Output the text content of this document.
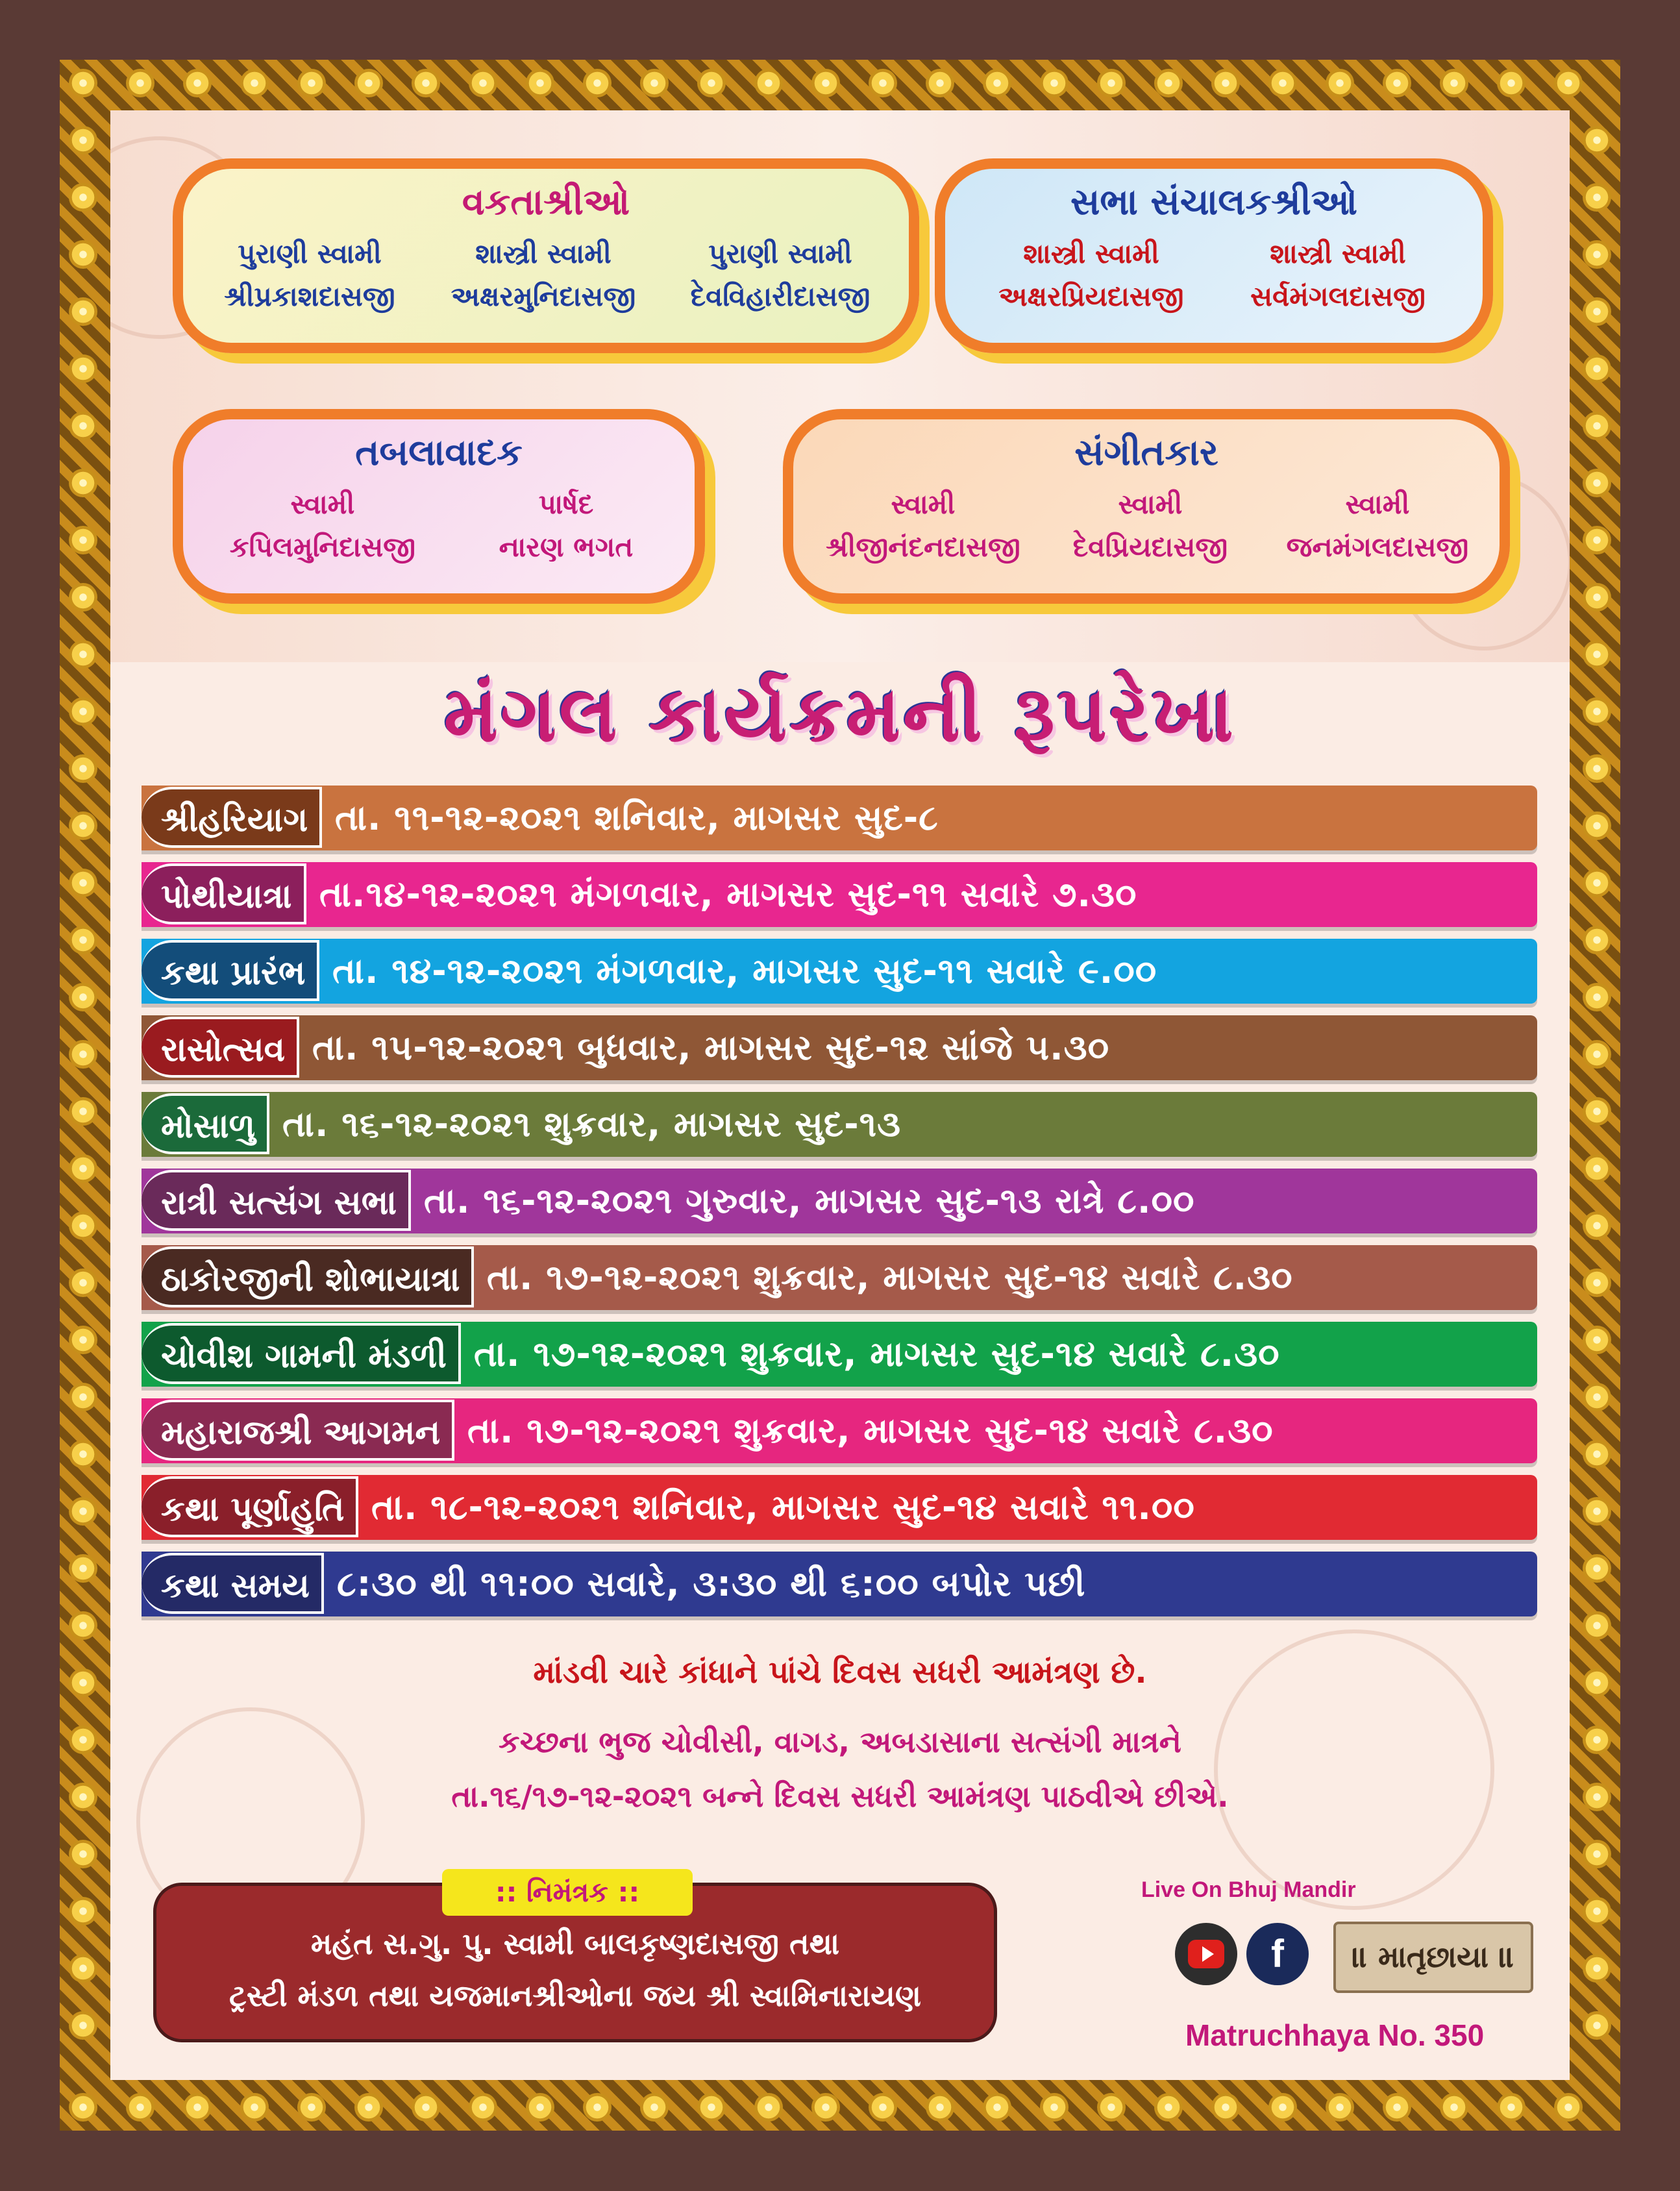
વકતાશ્રીઓ
પુરાણી સ્વામી
શ્રીપ્રકાશદાસજી
શાસ્ત્રી સ્વામી
અક્ષરમુનિદાસજી
પુરાણી સ્વામી
દેવવિહારીદાસજી
સભા સંચાલકશ્રીઓ
શાસ્ત્રી સ્વામી
અક્ષરપ્રિયદાસજી
શાસ્ત્રી સ્વામી
સર્વમંગલદાસજી
તબલાવાદક
સ્વામી
કપિલમુનિદાસજી
પાર્ષદ
નારણ ભગત
સંગીતકાર
સ્વામી
શ્રીજીનંદનદાસજી
સ્વામી
દેવપ્રિયદાસજી
સ્વામી
જનમંગલદાસજી
મંગલ કાર્યક્રમની રૂપરેખા
શ્રીહરિયાગ તા. ૧૧-૧૨-૨૦૨૧ શનિવાર, માગસર સુદ-૮
પોથીયાત્રા તા.૧૪-૧૨-૨૦૨૧ મંગળવાર, માગસર સુદ-૧૧ સવારે ૭.૩૦
કથા પ્રારંભ તા. ૧૪-૧૨-૨૦૨૧ મંગળવાર, માગસર સુદ-૧૧ સવારે ૯.૦૦
રાસોત્સવ તા. ૧૫-૧૨-૨૦૨૧ બુધવાર, માગસર સુદ-૧૨ સાંજે ૫.૩૦
મોસાળુ તા. ૧૬-૧૨-૨૦૨૧ શુક્રવાર, માગસર સુદ-૧૩
રાત્રી સત્સંગ સભા તા. ૧૬-૧૨-૨૦૨૧ ગુરુવાર, માગસર સુદ-૧૩ રાત્રે ૮.૦૦
ઠાકોરજીની શોભાયાત્રા તા. ૧૭-૧૨-૨૦૨૧ શુક્રવાર, માગસર સુદ-૧૪ સવારે ૮.૩૦
ચોવીશ ગામની મંડળી તા. ૧૭-૧૨-૨૦૨૧ શુક્રવાર, માગસર સુદ-૧૪ સવારે ૮.૩૦
મહારાજશ્રી આગમન તા. ૧૭-૧૨-૨૦૨૧ શુક્રવાર, માગસર સુદ-૧૪ સવારે ૮.૩૦
કથા પૂર્ણાહુતિ તા. ૧૮-૧૨-૨૦૨૧ શનિવાર, માગસર સુદ-૧૪ સવારે ૧૧.૦૦
કથા સમય ૮:૩૦ થી ૧૧:૦૦ સવારે, ૩:૩૦ થી ૬:૦૦ બપોર પછી
માંડવી ચારે કાંધાને પાંચે દિવસ સધરી આમંત્રણ છે.
કચ્છના ભુજ ચોવીસી, વાગડ, અબડાસાના સત્સંગી માત્રને
તા.૧૬/૧૭-૧૨-૨૦૨૧ બન્ને દિવસ સધરી આમંત્રણ પાઠવીએ છીએ.
:: નિમંત્રક ::
મહંત સ.ગુ. પુ. સ્વામી બાલકૃષ્ણદાસજી તથા
ટ્રસ્ટી મંડળ તથા યજમાનશ્રીઓના જય શ્રી સ્વામિનારાયણ
Live On Bhuj Mandir
f	॥ માતૃછાયા ॥
Matruchhaya No. 350
